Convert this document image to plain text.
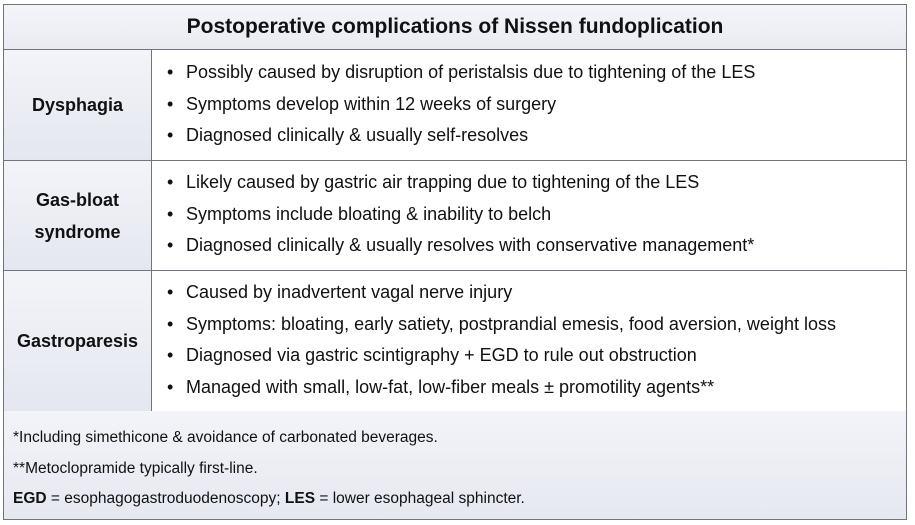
Postoperative complications of Nissen fundoplication
Dysphagia
• Possibly caused by disruption of peristalsis due to tightening of the LES
• Symptoms develop within 12 weeks of surgery
• Diagnosed clinically & usually self-resolves
Gas-bloat syndrome
• Likely caused by gastric air trapping due to tightening of the LES
• Symptoms include bloating & inability to belch
• Diagnosed clinically & usually resolves with conservative management*
Gastroparesis
• Caused by inadvertent vagal nerve injury
• Symptoms: bloating, early satiety, postprandial emesis, food aversion, weight loss
• Diagnosed via gastric scintigraphy + EGD to rule out obstruction
• Managed with small, low-fat, low-fiber meals ± promotility agents**
*Including simethicone & avoidance of carbonated beverages.
**Metoclopramide typically first-line.
EGD = esophagogastroduodenoscopy; LES = lower esophageal sphincter.
